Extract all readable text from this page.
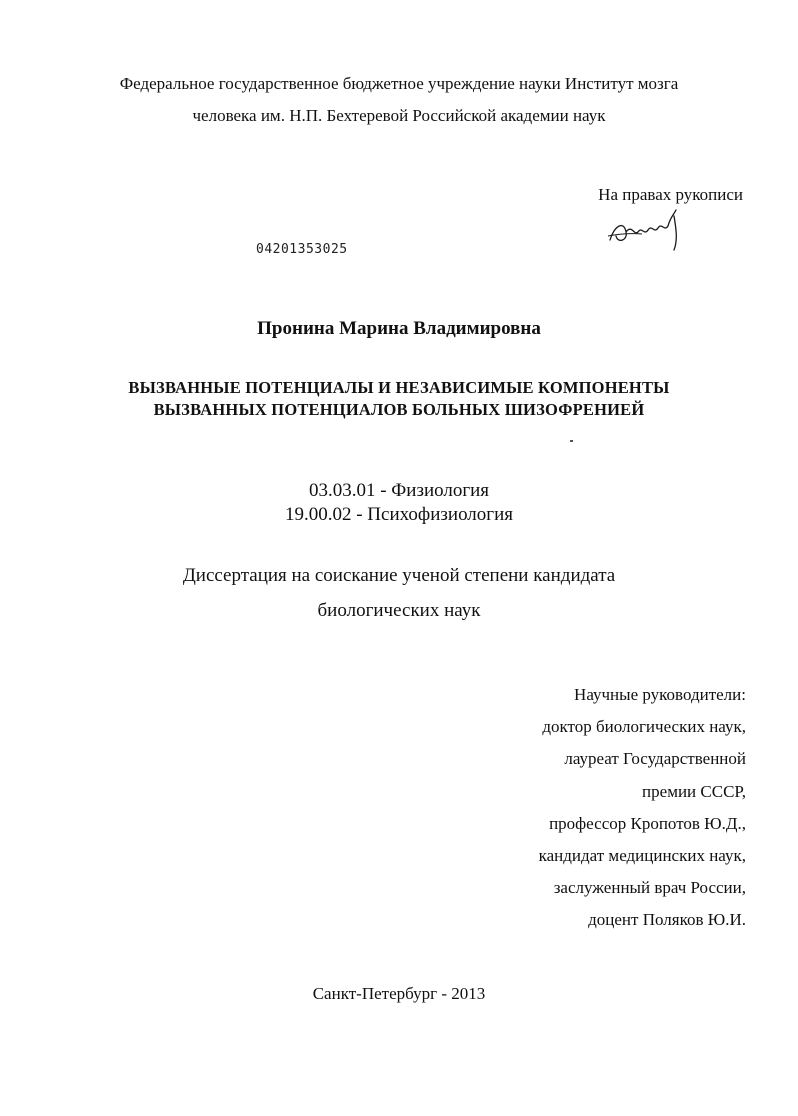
Федеральное государственное бюджетное учреждение науки Институт мозга
человека им. Н.П. Бехтеревой Российской академии наук
На правах рукописи
04201353025
Пронина Марина Владимировна
ВЫЗВАННЫЕ ПОТЕНЦИАЛЫ И НЕЗАВИСИМЫЕ КОМПОНЕНТЫ
ВЫЗВАННЫХ ПОТЕНЦИАЛОВ БОЛЬНЫХ ШИЗОФРЕНИЕЙ
03.03.01 - Физиология
19.00.02 - Психофизиология
Диссертация на соискание ученой степени кандидата
биологических наук
Научные руководители:
доктор биологических наук,
лауреат Государственной
премии СССР,
профессор Кропотов Ю.Д.,
кандидат медицинских наук,
заслуженный врач России,
доцент Поляков Ю.И.
Санкт-Петербург - 2013
